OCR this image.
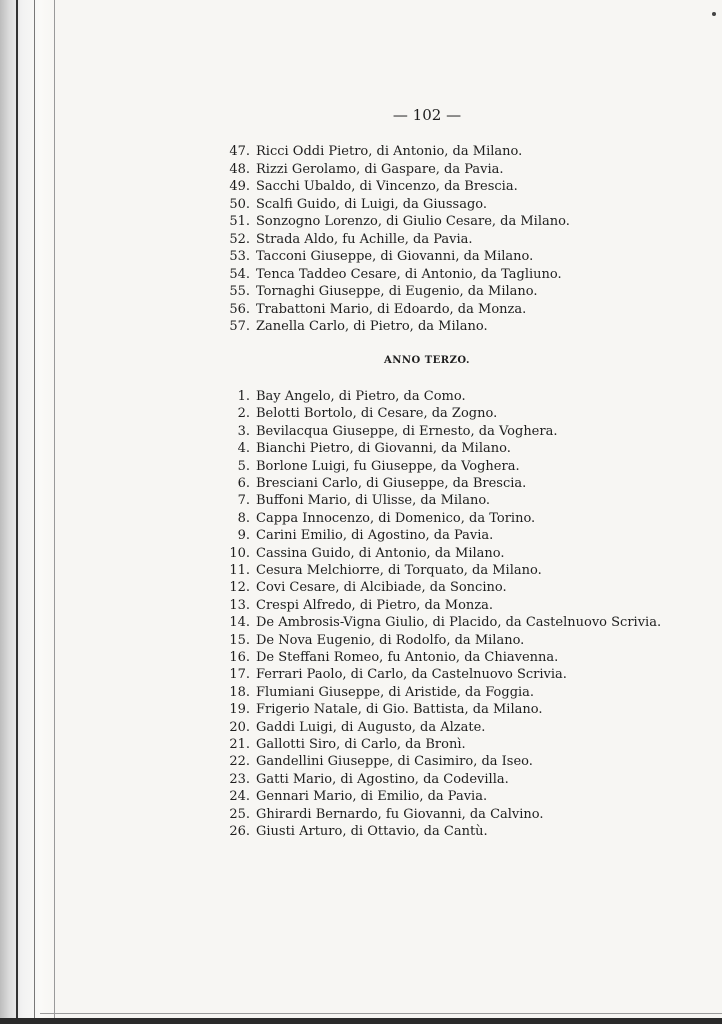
— 102 —
47. Ricci Oddi Pietro, di Antonio, da Milano.
48. Rizzi Gerolamo, di Gaspare, da Pavia.
49. Sacchi Ubaldo, di Vincenzo, da Brescia.
50. Scalfi Guido, di Luigi, da Giussago.
51. Sonzogno Lorenzo, di Giulio Cesare, da Milano.
52. Strada Aldo, fu Achille, da Pavia.
53. Tacconi Giuseppe, di Giovanni, da Milano.
54. Tenca Taddeo Cesare, di Antonio, da Tagliuno.
55. Tornaghi Giuseppe, di Eugenio, da Milano.
56. Trabattoni Mario, di Edoardo, da Monza.
57. Zanella Carlo, di Pietro, da Milano.
ANNO TERZO.
1. Bay Angelo, di Pietro, da Como.
2. Belotti Bortolo, di Cesare, da Zogno.
3. Bevilacqua Giuseppe, di Ernesto, da Voghera.
4. Bianchi Pietro, di Giovanni, da Milano.
5. Borlone Luigi, fu Giuseppe, da Voghera.
6. Bresciani Carlo, di Giuseppe, da Brescia.
7. Buffoni Mario, di Ulisse, da Milano.
8. Cappa Innocenzo, di Domenico, da Torino.
9. Carini Emilio, di Agostino, da Pavia.
10. Cassina Guido, di Antonio, da Milano.
11. Cesura Melchiorre, di Torquato, da Milano.
12. Covi Cesare, di Alcibiade, da Soncino.
13. Crespi Alfredo, di Pietro, da Monza.
14. De Ambrosis-Vigna Giulio, di Placido, da Castelnuovo Scrivia.
15. De Nova Eugenio, di Rodolfo, da Milano.
16. De Steffani Romeo, fu Antonio, da Chiavenna.
17. Ferrari Paolo, di Carlo, da Castelnuovo Scrivia.
18. Flumiani Giuseppe, di Aristide, da Foggia.
19. Frigerio Natale, di Gio. Battista, da Milano.
20. Gaddi Luigi, di Augusto, da Alzate.
21. Gallotti Siro, di Carlo, da Bronì.
22. Gandellini Giuseppe, di Casimiro, da Iseo.
23. Gatti Mario, di Agostino, da Codevilla.
24. Gennari Mario, di Emilio, da Pavia.
25. Ghirardi Bernardo, fu Giovanni, da Calvino.
26. Giusti Arturo, di Ottavio, da Cantù.
